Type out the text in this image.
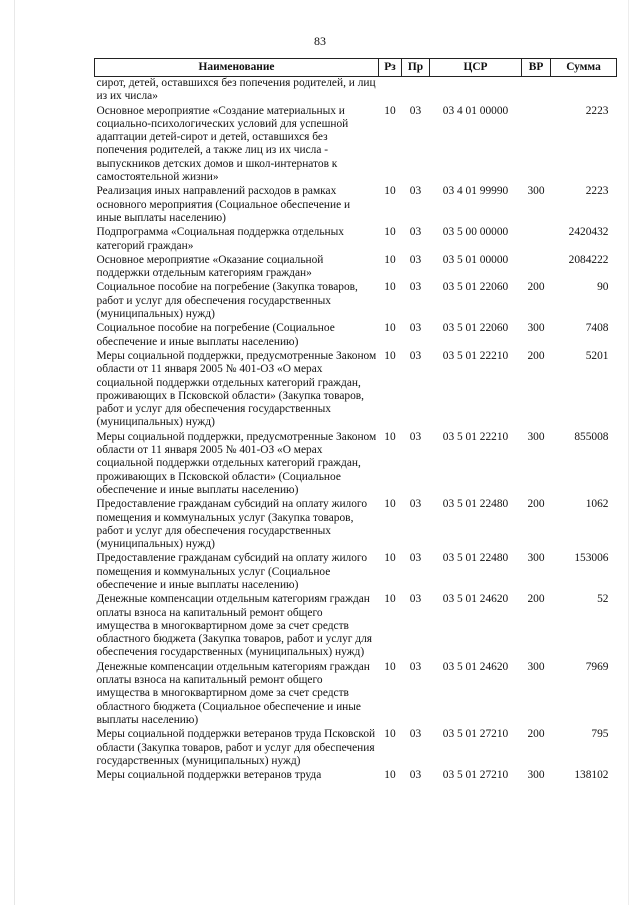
83
Наименование	Рз	Пр	ЦСР	ВР	Сумма
сирот, детей, оставшихся без попечения родителей, и лиц из их числа»					
Основное мероприятие «Создание материальных и социально-психологических условий для успешной адаптации детей-сирот и детей, оставшихся без попечения родителей, а также лиц из их числа - выпускников детских домов и школ-интернатов к самостоятельной жизни»	10	03	03 4 01 00000		2223
Реализация иных направлений расходов в рамках основного мероприятия (Социальное обеспечение и иные выплаты населению)	10	03	03 4 01 99990	300	2223
Подпрограмма «Социальная поддержка отдельных категорий граждан»	10	03	03 5 00 00000		2420432
Основное мероприятие «Оказание социальной поддержки отдельным категориям граждан»	10	03	03 5 01 00000		2084222
Социальное пособие на погребение (Закупка товаров, работ и услуг для обеспечения государственных (муниципальных) нужд)	10	03	03 5 01 22060	200	90
Социальное пособие на погребение (Социальное обеспечение и иные выплаты населению)	10	03	03 5 01 22060	300	7408
Меры социальной поддержки, предусмотренные Законом области от 11 января 2005 № 401-ОЗ «О мерах социальной поддержки отдельных категорий граждан, проживающих в Псковской области» (Закупка товаров, работ и услуг для обеспечения государственных (муниципальных) нужд)	10	03	03 5 01 22210	200	5201
Меры социальной поддержки, предусмотренные Законом области от 11 января 2005 № 401-ОЗ «О мерах социальной поддержки отдельных категорий граждан, проживающих в Псковской области» (Социальное обеспечение и иные выплаты населению)	10	03	03 5 01 22210	300	855008
Предоставление гражданам субсидий на оплату жилого помещения и коммунальных услуг (Закупка товаров, работ и услуг для обеспечения государственных (муниципальных) нужд)	10	03	03 5 01 22480	200	1062
Предоставление гражданам субсидий на оплату жилого помещения и коммунальных услуг (Социальное обеспечение и иные выплаты населению)	10	03	03 5 01 22480	300	153006
Денежные компенсации отдельным категориям граждан оплаты взноса на капитальный ремонт общего имущества в многоквартирном доме за счет средств областного бюджета (Закупка товаров, работ и услуг для обеспечения государственных (муниципальных) нужд)	10	03	03 5 01 24620	200	52
Денежные компенсации отдельным категориям граждан оплаты взноса на капитальный ремонт общего имущества в многоквартирном доме за счет средств областного бюджета (Социальное обеспечение и иные выплаты населению)	10	03	03 5 01 24620	300	7969
Меры социальной поддержки ветеранов труда Псковской области (Закупка товаров, работ и услуг для обеспечения государственных (муниципальных) нужд)	10	03	03 5 01 27210	200	795
Меры социальной поддержки ветеранов труда	10	03	03 5 01 27210	300	138102
